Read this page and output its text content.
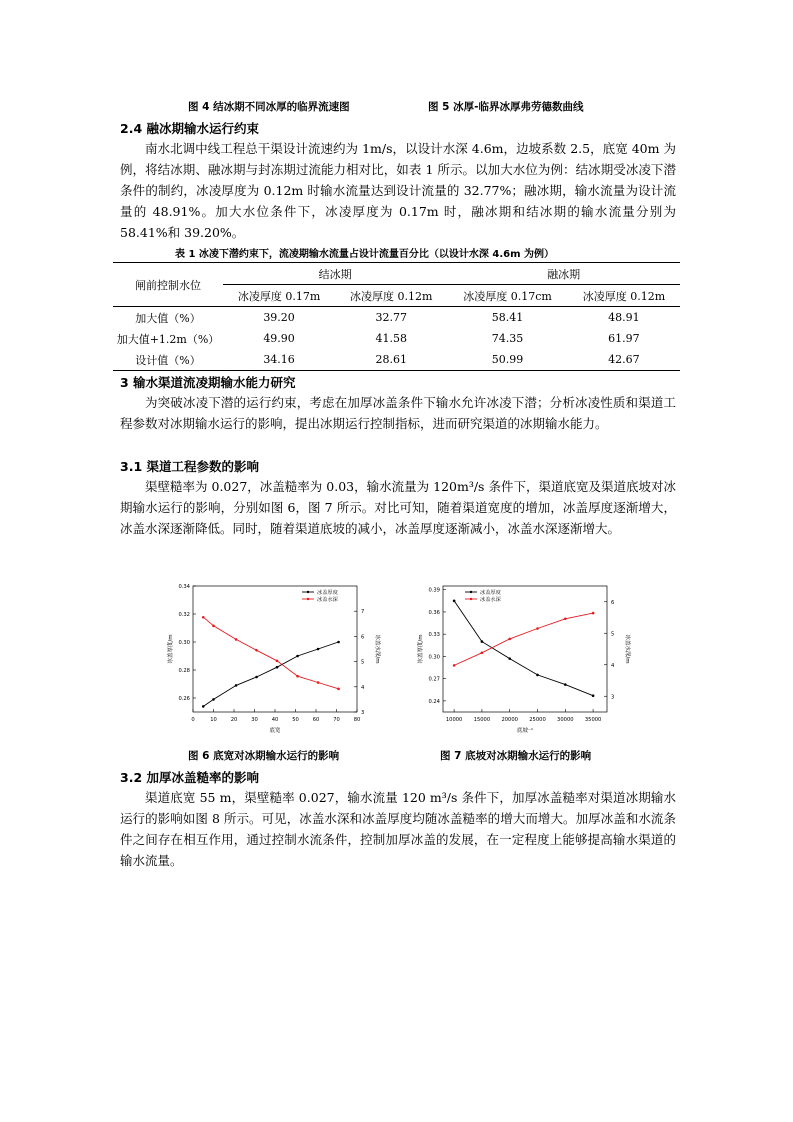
图 4 结冰期不同冰厚的临界流速图	图 5 冰厚-临界冰厚弗劳德数曲线
2.4 融冰期输水运行约束

南水北调中线工程总干渠设计流速约为 1m/s，以设计水深 4.6m，边坡系数 2.5，底宽 40m 为例，将结冰期、融冰期与封冻期过流能力相对比，如表 1 所示。以加大水位为例：结冰期受冰凌下潜条件的制约，冰凌厚度为 0.12m 时输水流量达到设计流量的 32.77%；融冰期，输水流量为设计流量的 48.91%。加大水位条件下，冰凌厚度为 0.17m 时，融冰期和结冰期的输水流量分别为 58.41%和 39.20%。

表 1 冰凌下潜约束下，流凌期输水流量占设计流量百分比（以设计水深 4.6m 为例）
闸前控制水位	结冰期		融冰期	
	冰凌厚度 0.17m	冰凌厚度 0.12m	冰凌厚度 0.17cm	冰凌厚度 0.12m
加大值（%）	39.20	32.77	58.41	48.91
加大值+1.2m（%）	49.90	41.58	74.35	61.97
设计值（%）	34.16	28.61	50.99	42.67
3 输水渠道流凌期输水能力研究

为突破冰凌下潜的运行约束，考虑在加厚冰盖条件下输水允许冰凌下潜；分析冰凌性质和渠道工程参数对冰期输水运行的影响，提出冰期运行控制指标，进而研究渠道的冰期输水能力。

3.1 渠道工程参数的影响

渠壁糙率为 0.027，冰盖糙率为 0.03，输水流量为 120m³/s 条件下，渠道底宽及渠道底坡对冰期输水运行的影响，分别如图 6，图 7 所示。对比可知，随着渠道宽度的增加，冰盖厚度逐渐增大，冰盖水深逐渐降低。同时，随着渠道底坡的减小，冰盖厚度逐渐减小，冰盖水深逐渐增大。

0	10	20	30	40	50	60	70	80
0.26
0.28
0.30
0.32
0.34
3
4
5
6
7
底宽
冰盖厚度/m	冰盖水深/m
冰盖厚度
冰盖水深
10000 15000 20000 25000 30000 35000
0.24
0.27
0.30
0.33
0.36
0.39
3
4
5
6
底坡⁻¹
冰盖厚度/m	冰盖水深/m
冰盖厚度
冰盖水深
图 6 底宽对冰期输水运行的影响	图 7 底坡对冰期输水运行的影响
3.2 加厚冰盖糙率的影响

渠道底宽 55 m，渠壁糙率 0.027，输水流量 120 m³/s 条件下，加厚冰盖糙率对渠道冰期输水运行的影响如图 8 所示。可见，冰盖水深和冰盖厚度均随冰盖糙率的增大而增大。加厚冰盖和水流条件之间存在相互作用，通过控制水流条件，控制加厚冰盖的发展，在一定程度上能够提高输水渠道的输水流量。
